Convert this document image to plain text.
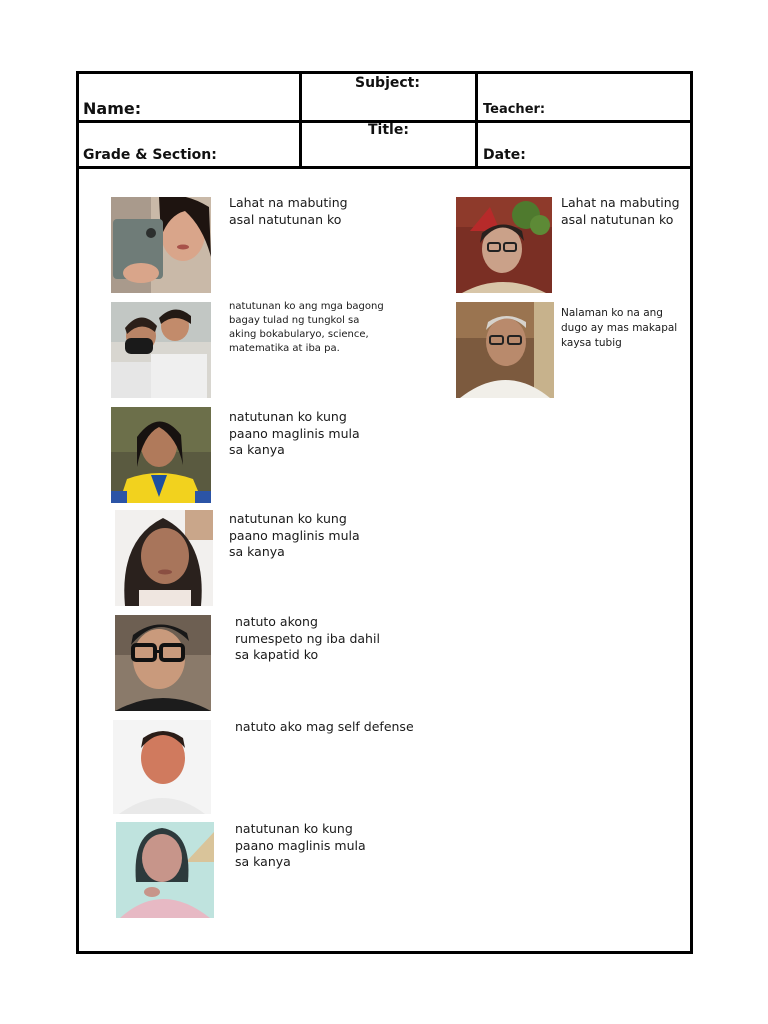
Name:
Subject:
Teacher:
Grade & Section:
Title:
Date:
Lahat na mabuting
asal natutunan ko
natutunan ko ang mga bagong
bagay tulad ng tungkol sa
aking bokabularyo, science,
matematika at iba pa.
natutunan ko kung
paano maglinis mula
sa kanya
natutunan ko kung
paano maglinis mula
sa kanya
natuto akong
rumespeto ng iba dahil
sa kapatid ko
natuto ako mag self defense
natutunan ko kung
paano maglinis mula
sa kanya
Lahat na mabuting
asal natutunan ko
Nalaman ko na ang
dugo ay mas makapal
kaysa tubig
